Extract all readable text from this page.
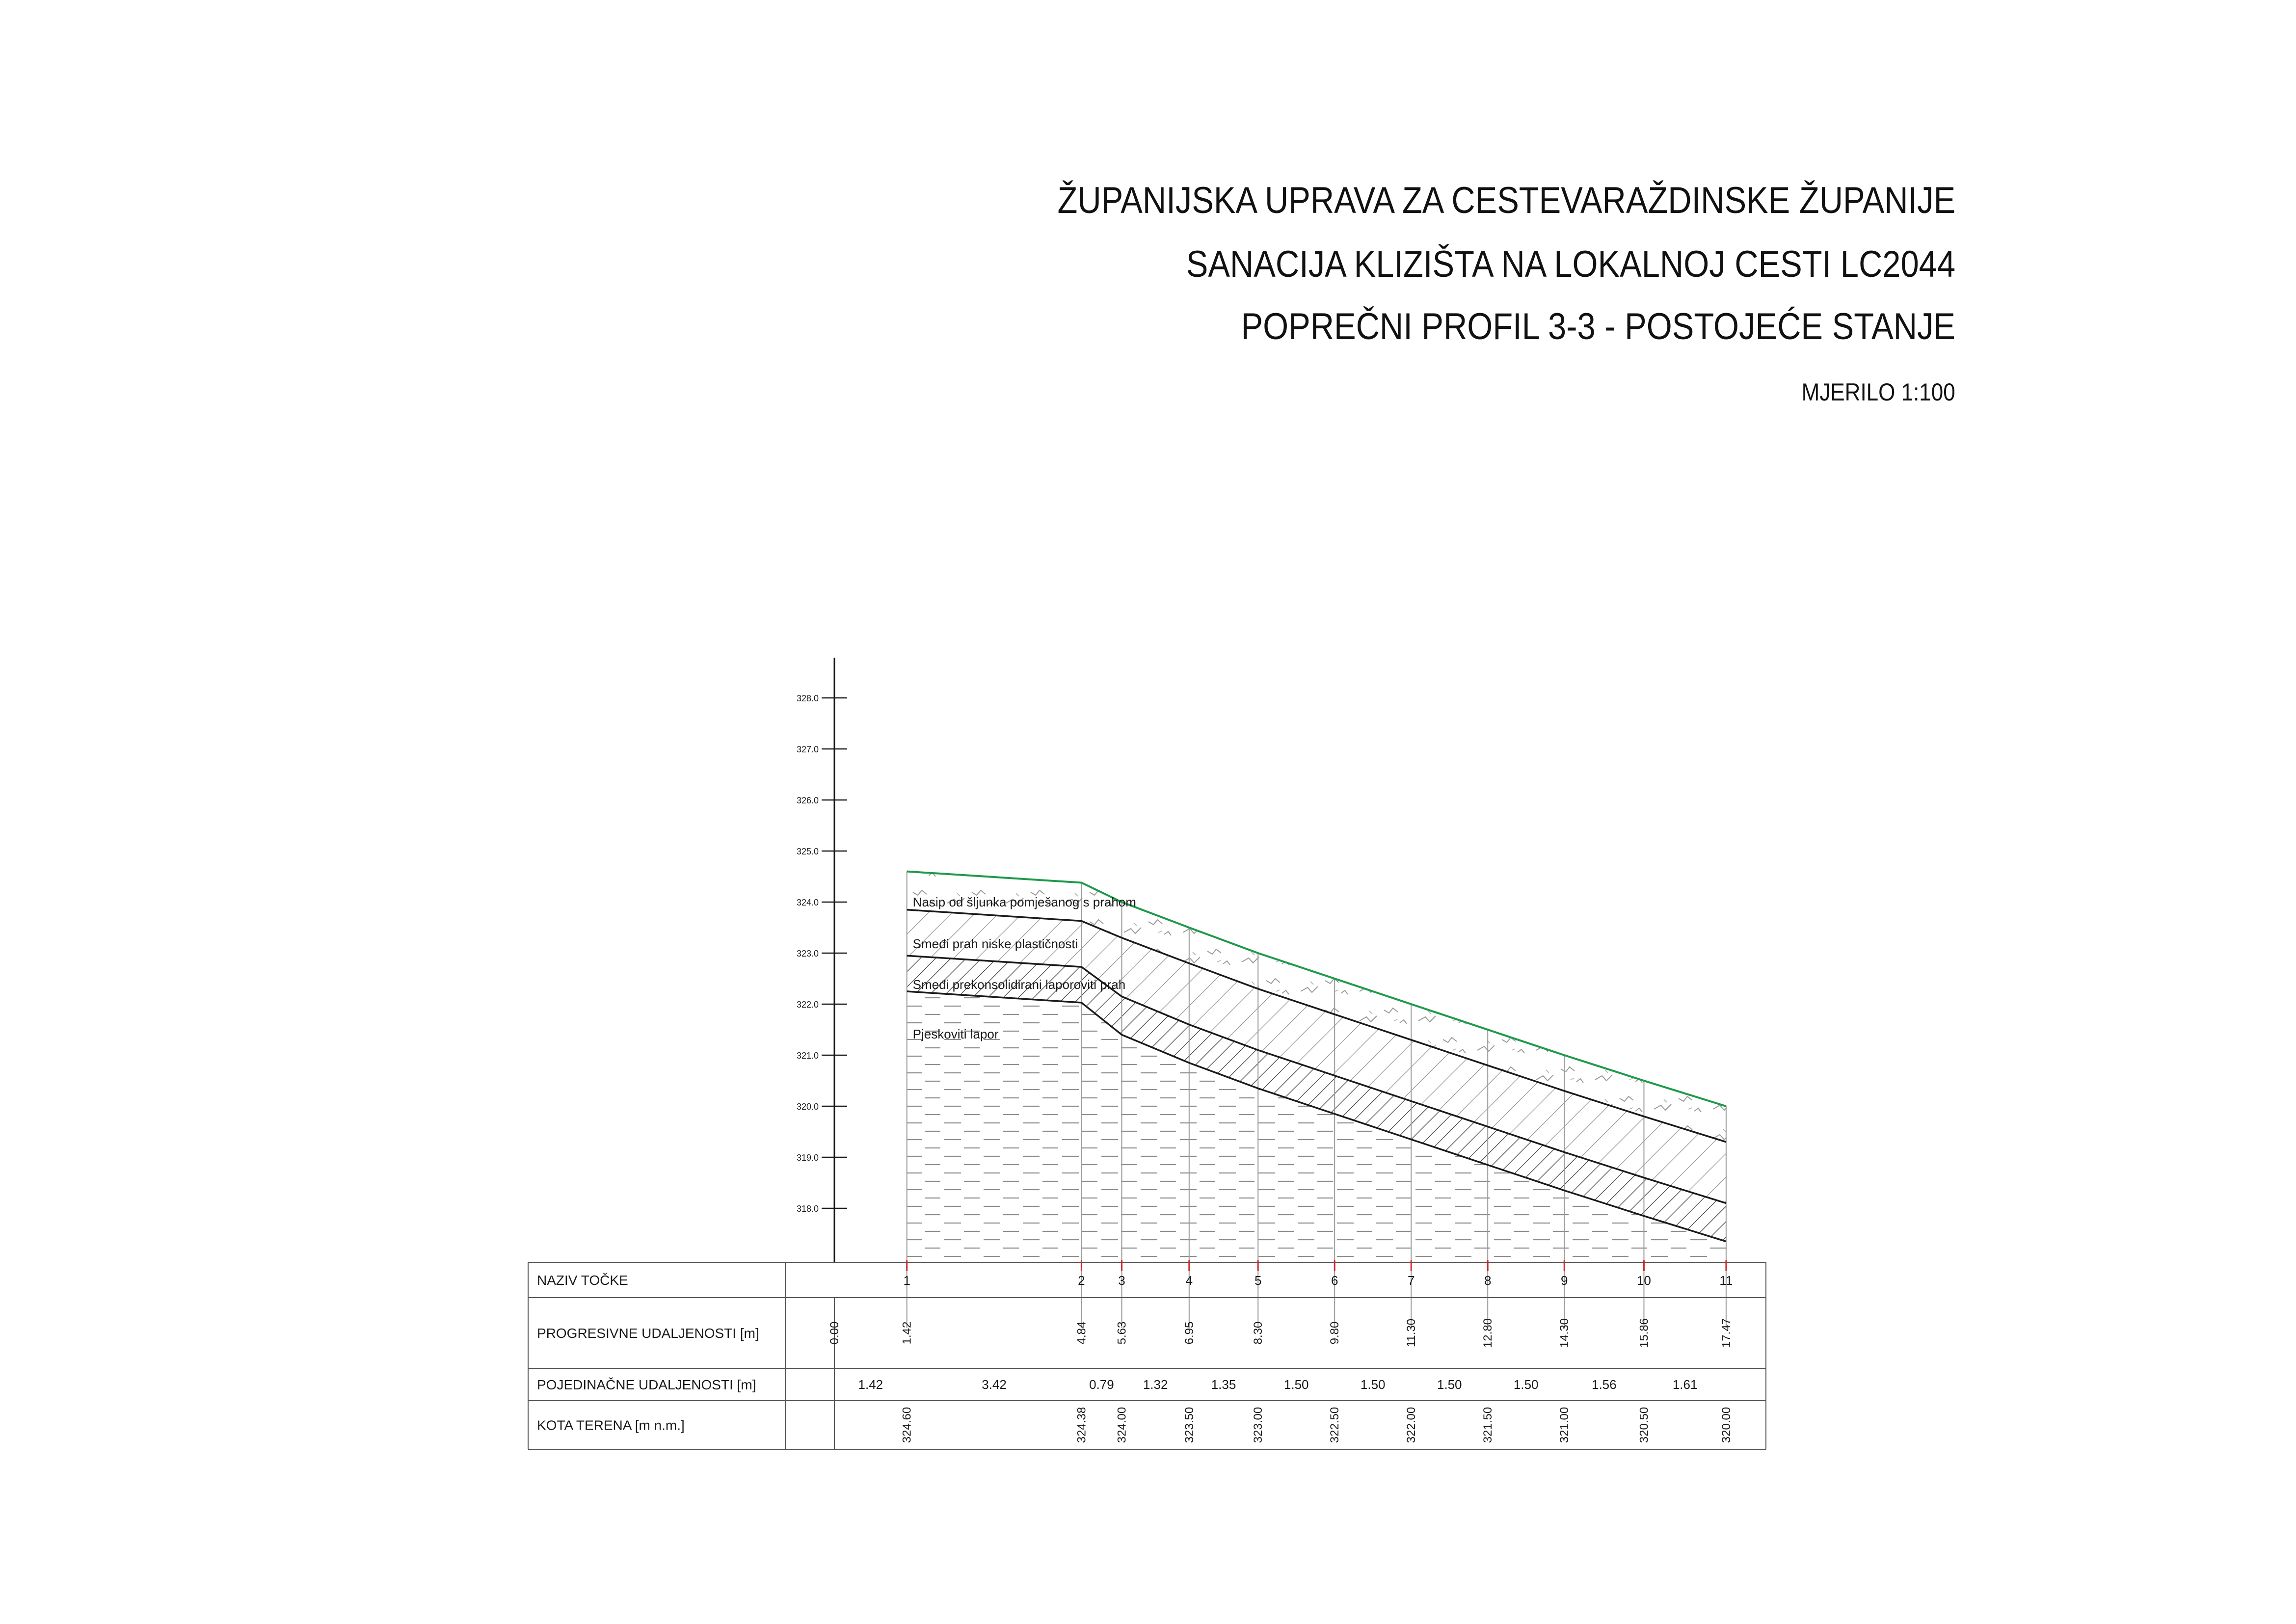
ŽUPANIJSKA UPRAVA ZA CESTEVARAŽDINSKE ŽUPANIJE
SANACIJA KLIZIŠTA NA LOKALNOJ CESTI LC2044
POPREČNI PROFIL 3-3 - POSTOJEĆE STANJE
MJERILO 1:100
Nasip od šljunka pomješanog s prahom
Smeđi prah niske plastičnosti
Smeđi prekonsolidirani laporoviti prah
Pjeskoviti lapor
328.0
327.0
326.0
325.0
324.0
323.0
322.0
321.0
320.0
319.0
318.0
NAZIV TOČKE
PROGRESIVNE UDALJENOSTI [m]
POJEDINAČNE UDALJENOSTI [m]
KOTA TERENA [m n.m.]
0.00
1
1.42
1.42
324.60
2
4.84
3.42
324.38
3
5.63
0.79
324.00
4
6.95
1.32
323.50
5
8.30
1.35
323.00
6
9.80
1.50
322.50
7
11.30
1.50
322.00
8
12.80
1.50
321.50
9
14.30
1.50
321.00
10
15.86
1.56
320.50
11
17.47
1.61
320.00
